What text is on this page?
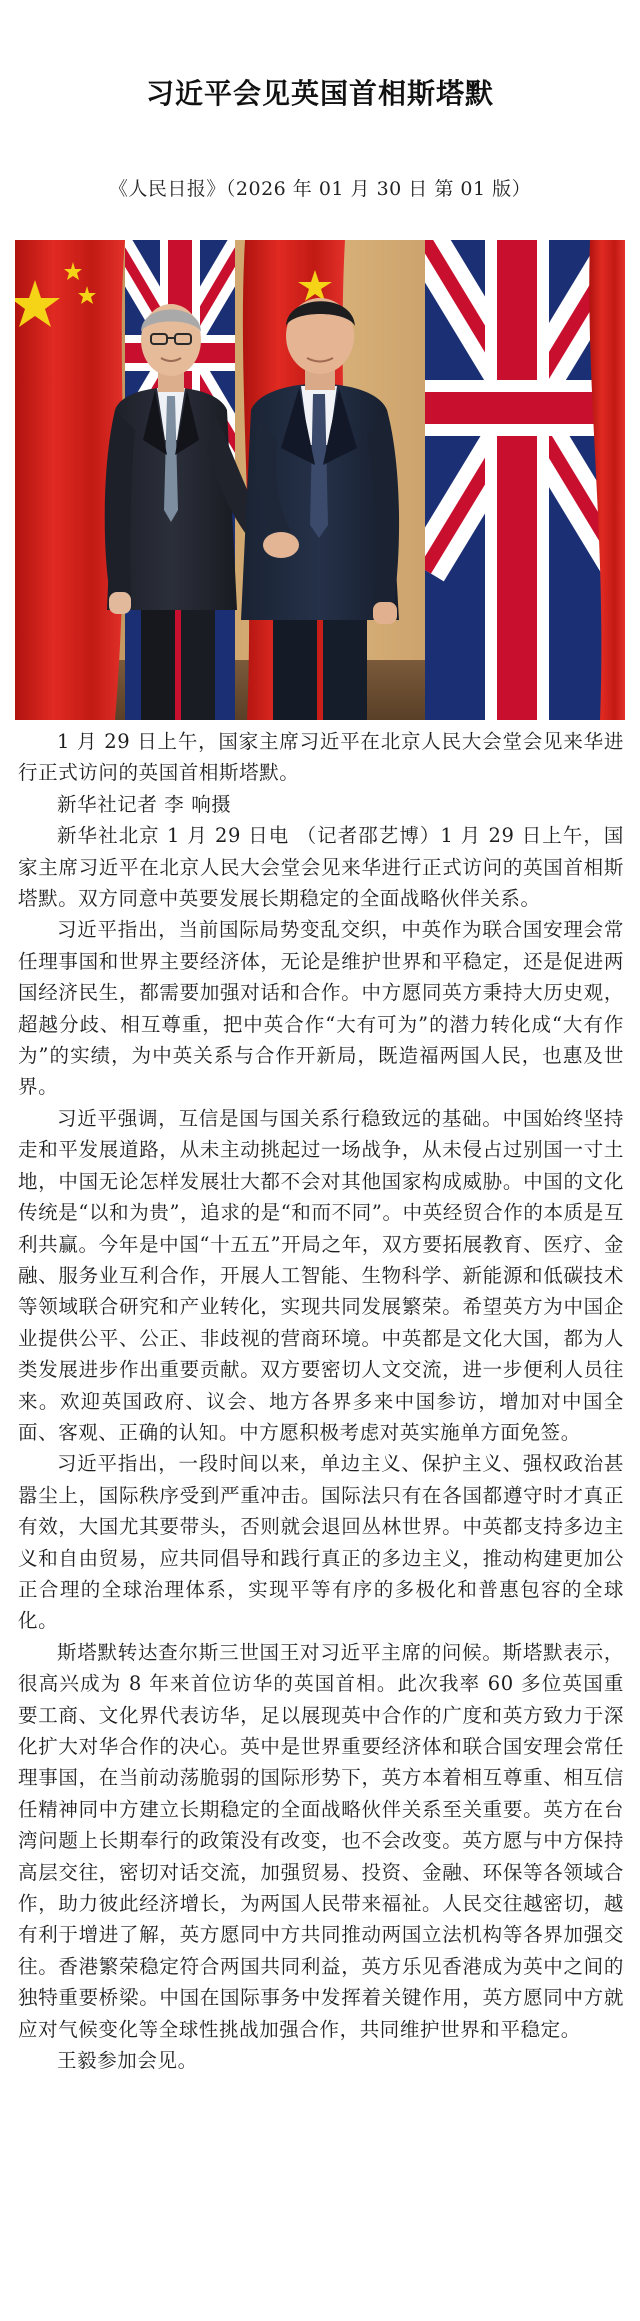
习近平会见英国首相斯塔默
《人民日报》（2026 年 01 月 30 日 第 01 版）

1 月 29 日上午，国家主席习近平在北京人民大会堂会见来华进行正式访问的英国首相斯塔默。

新华社记者 李 响摄

新华社北京 1 月 29 日电 （记者邵艺博）1 月 29 日上午，国家主席习近平在北京人民大会堂会见来华进行正式访问的英国首相斯塔默。双方同意中英要发展长期稳定的全面战略伙伴关系。

习近平指出，当前国际局势变乱交织，中英作为联合国安理会常任理事国和世界主要经济体，无论是维护世界和平稳定，还是促进两国经济民生，都需要加强对话和合作。中方愿同英方秉持大历史观，超越分歧、相互尊重，把中英合作“大有可为”的潜力转化成“大有作为”的实绩，为中英关系与合作开新局，既造福两国人民，也惠及世界。

习近平强调，互信是国与国关系行稳致远的基础。中国始终坚持走和平发展道路，从未主动挑起过一场战争，从未侵占过别国一寸土地，中国无论怎样发展壮大都不会对其他国家构成威胁。中国的文化传统是“以和为贵”，追求的是“和而不同”。中英经贸合作的本质是互利共赢。今年是中国“十五五”开局之年，双方要拓展教育、医疗、金融、服务业互利合作，开展人工智能、生物科学、新能源和低碳技术等领域联合研究和产业转化，实现共同发展繁荣。希望英方为中国企业提供公平、公正、非歧视的营商环境。中英都是文化大国，都为人类发展进步作出重要贡献。双方要密切人文交流，进一步便利人员往来。欢迎英国政府、议会、地方各界多来中国参访，增加对中国全面、客观、正确的认知。中方愿积极考虑对英实施单方面免签。

习近平指出，一段时间以来，单边主义、保护主义、强权政治甚嚣尘上，国际秩序受到严重冲击。国际法只有在各国都遵守时才真正有效，大国尤其要带头，否则就会退回丛林世界。中英都支持多边主义和自由贸易，应共同倡导和践行真正的多边主义，推动构建更加公正合理的全球治理体系，实现平等有序的多极化和普惠包容的全球化。

斯塔默转达查尔斯三世国王对习近平主席的问候。斯塔默表示，很高兴成为 8 年来首位访华的英国首相。此次我率 60 多位英国重要工商、文化界代表访华，足以展现英中合作的广度和英方致力于深化扩大对华合作的决心。英中是世界重要经济体和联合国安理会常任理事国，在当前动荡脆弱的国际形势下，英方本着相互尊重、相互信任精神同中方建立长期稳定的全面战略伙伴关系至关重要。英方在台湾问题上长期奉行的政策没有改变，也不会改变。英方愿与中方保持高层交往，密切对话交流，加强贸易、投资、金融、环保等各领域合作，助力彼此经济增长，为两国人民带来福祉。人民交往越密切，越有利于增进了解，英方愿同中方共同推动两国立法机构等各界加强交往。香港繁荣稳定符合两国共同利益，英方乐见香港成为英中之间的独特重要桥梁。中国在国际事务中发挥着关键作用，英方愿同中方就应对气候变化等全球性挑战加强合作，共同维护世界和平稳定。

王毅参加会见。
